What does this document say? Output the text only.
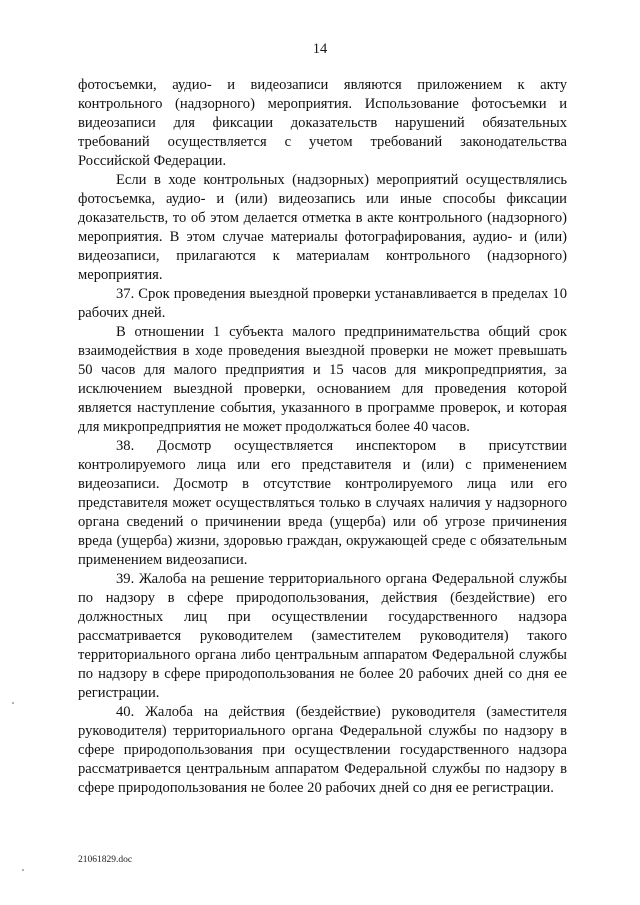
14

фотосъемки, аудио- и видеозаписи являются приложением к акту контрольного (надзорного) мероприятия. Использование фотосъемки и видеозаписи для фиксации доказательств нарушений обязательных требований осуществляется с учетом требований законодательства Российской Федерации.

Если в ходе контрольных (надзорных) мероприятий осуществлялись фотосъемка, аудио- и (или) видеозапись или иные способы фиксации доказательств, то об этом делается отметка в акте контрольного (надзорного) мероприятия. В этом случае материалы фотографирования, аудио- и (или) видеозаписи, прилагаются к материалам контрольного (надзорного) мероприятия.

37. Срок проведения выездной проверки устанавливается в пределах 10 рабочих дней.

В отношении 1 субъекта малого предпринимательства общий срок взаимодействия в ходе проведения выездной проверки не может превышать 50 часов для малого предприятия и 15 часов для микропредприятия, за исключением выездной проверки, основанием для проведения которой является наступление события, указанного в программе проверок, и которая для микропредприятия не может продолжаться более 40 часов.

38. Досмотр осуществляется инспектором в присутствии контролируемого лица или его представителя и (или) с применением видеозаписи. Досмотр в отсутствие контролируемого лица или его представителя может осуществляться только в случаях наличия у надзорного органа сведений о причинении вреда (ущерба) или об угрозе причинения вреда (ущерба) жизни, здоровью граждан, окружающей среде с обязательным применением видеозаписи.

39. Жалоба на решение территориального органа Федеральной службы по надзору в сфере природопользования, действия (бездействие) его должностных лиц при осуществлении государственного надзора рассматривается руководителем (заместителем руководителя) такого территориального органа либо центральным аппаратом Федеральной службы по надзору в сфере природопользования не более 20 рабочих дней со дня ее регистрации.

40. Жалоба на действия (бездействие) руководителя (заместителя руководителя) территориального органа Федеральной службы по надзору в сфере природопользования при осуществлении государственного надзора рассматривается центральным аппаратом Федеральной службы по надзору в сфере природопользования не более 20 рабочих дней со дня ее регистрации.

21061829.doc
